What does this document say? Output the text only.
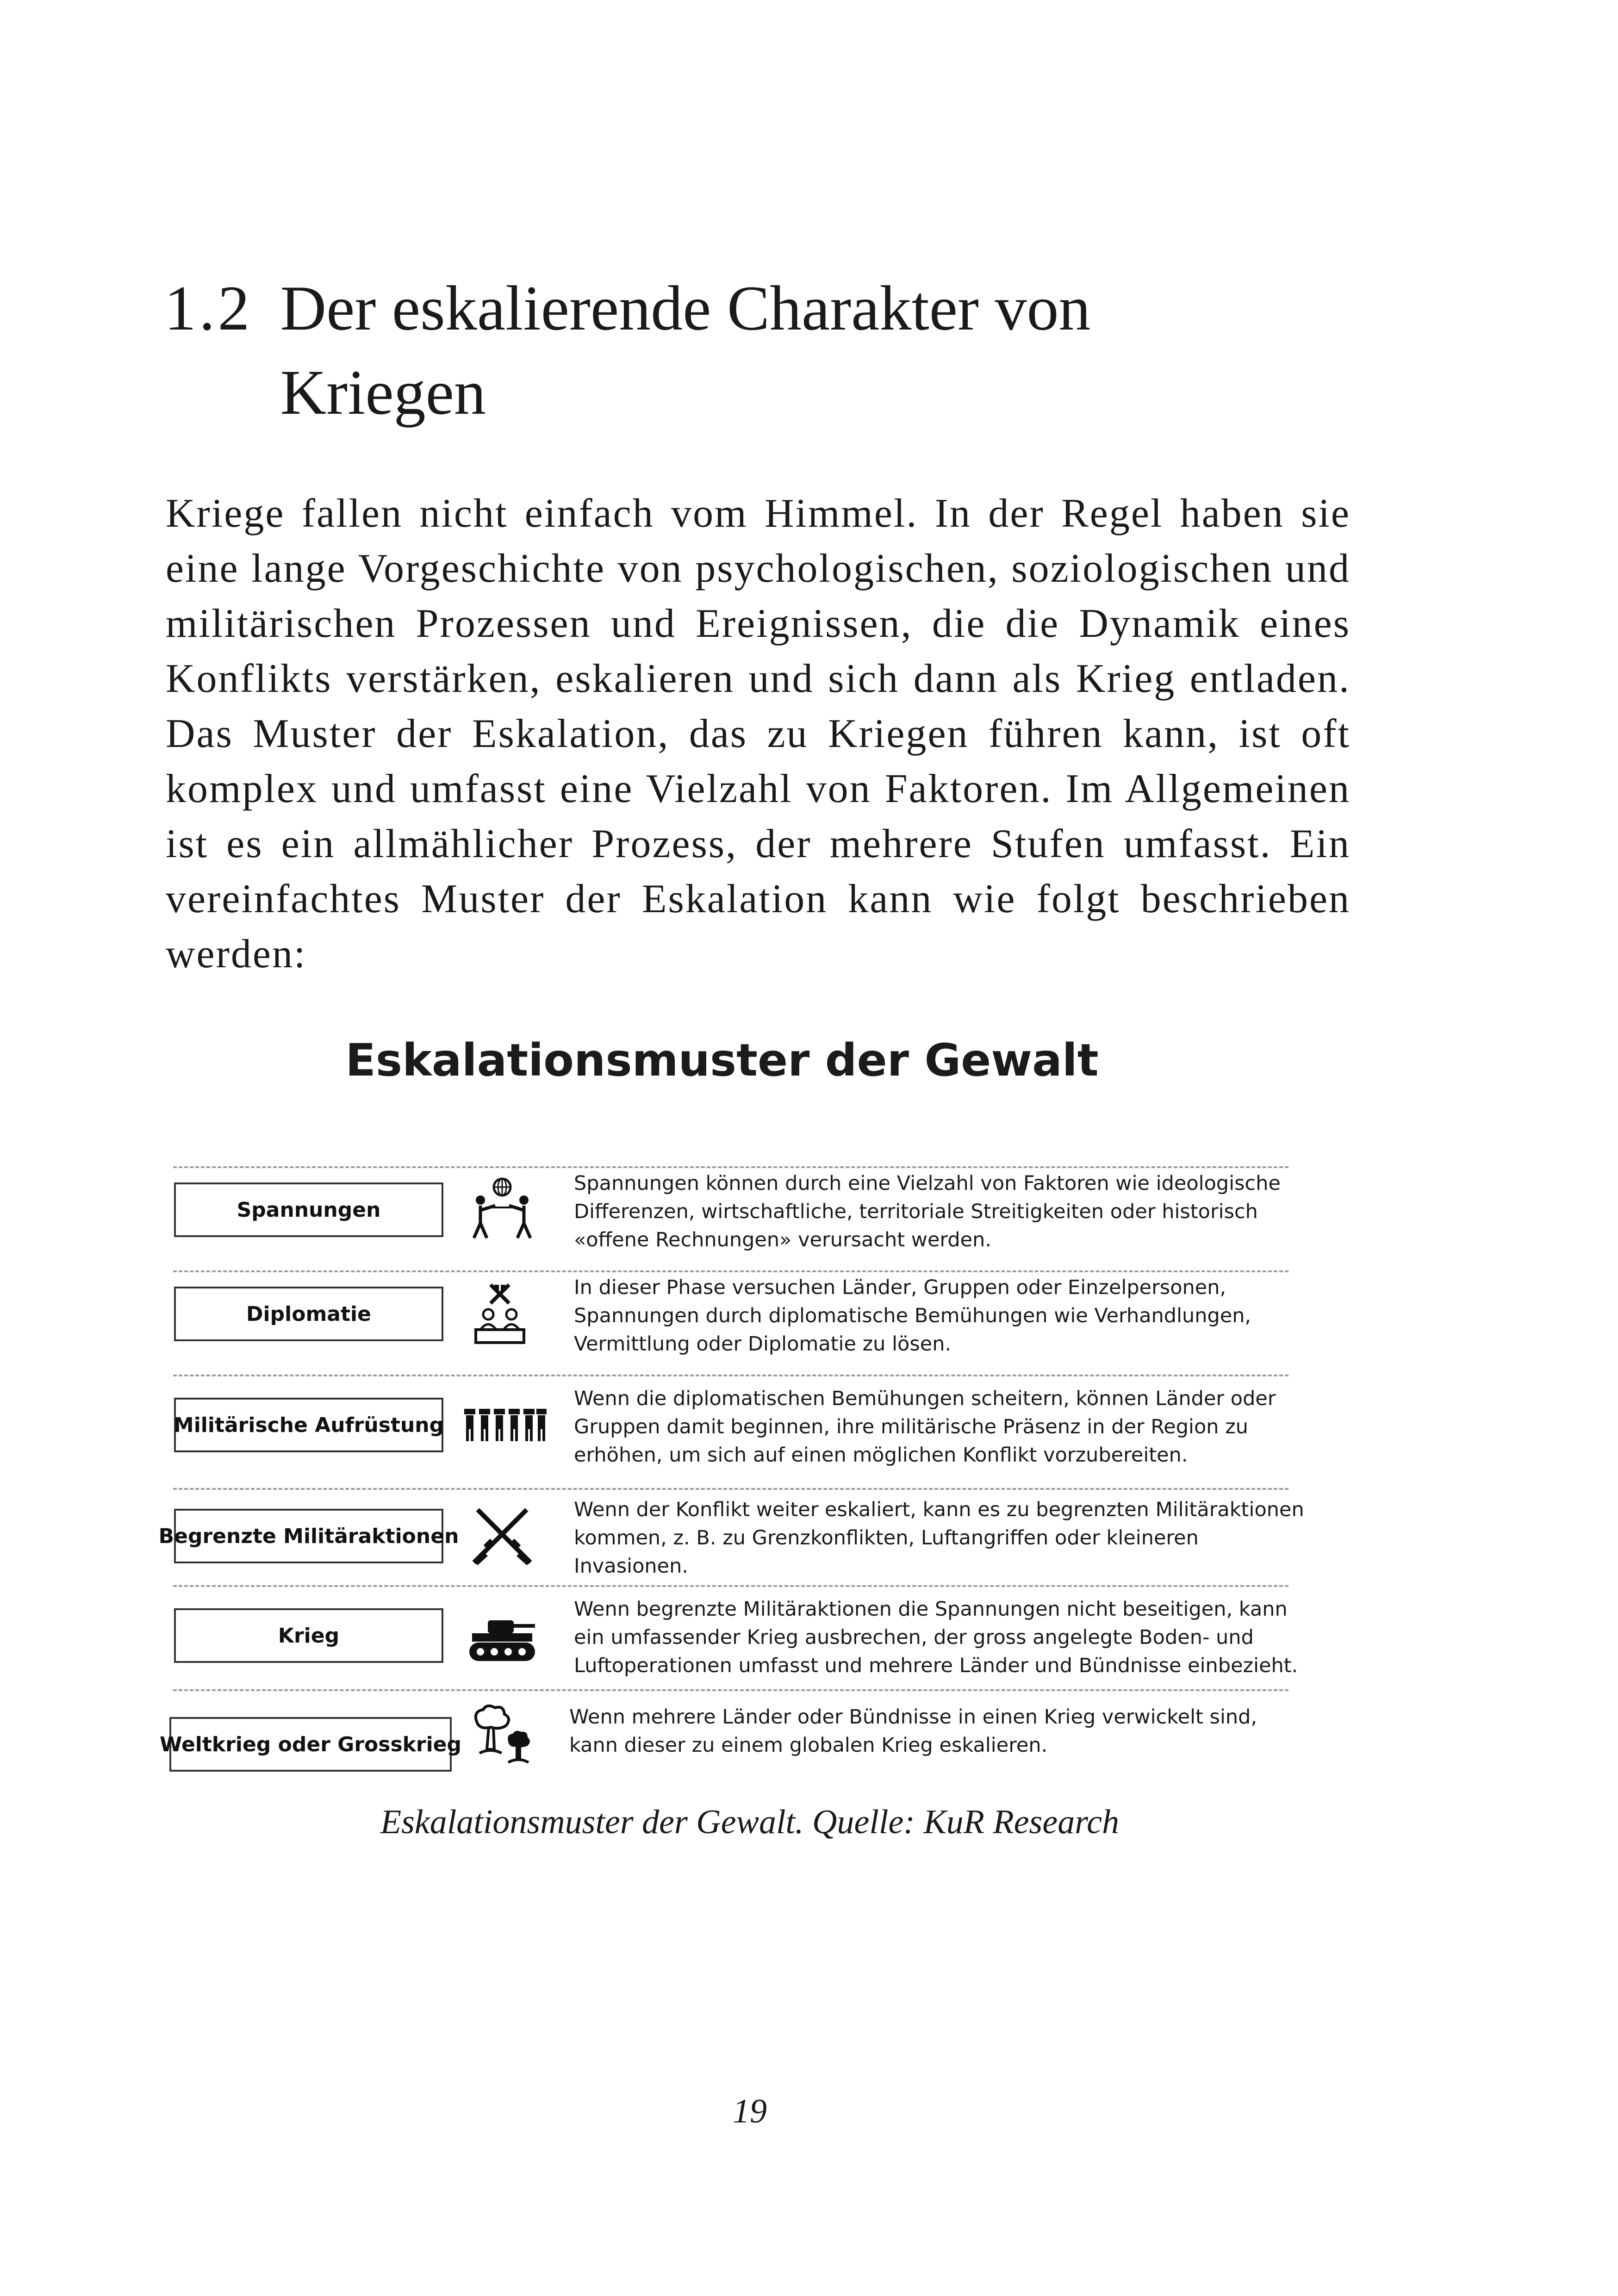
1.2 Der eskalierende Charakter von Kriegen
Kriege fallen nicht einfach vom Himmel. In der Regel haben sie eine lange Vorgeschichte von psychologischen, soziologischen und militärischen Prozessen und Ereignissen, die die Dynamik eines Konflikts verstärken, eskalieren und sich dann als Krieg entladen. Das Muster der Eskalation, das zu Kriegen führen kann, ist oft komplex und umfasst eine Vielzahl von Faktoren. Im Allgemeinen ist es ein allmählicher Prozess, der mehrere Stufen umfasst. Ein vereinfachtes Muster der Eskalation kann wie folgt beschrieben werden:
Eskalationsmuster der Gewalt
Spannungen
Spannungen können durch eine Vielzahl von Faktoren wie ideologische Differenzen, wirtschaftliche, territoriale Streitigkeiten oder historisch «offene Rechnungen» verursacht werden.
Diplomatie
In dieser Phase versuchen Länder, Gruppen oder Einzelpersonen, Spannungen durch diplomatische Bemühungen wie Verhandlungen, Vermittlung oder Diplomatie zu lösen.
Militärische Aufrüstung
Wenn die diplomatischen Bemühungen scheitern, können Länder oder Gruppen damit beginnen, ihre militärische Präsenz in der Region zu erhöhen, um sich auf einen möglichen Konflikt vorzubereiten.
Begrenzte Militäraktionen
Wenn der Konflikt weiter eskaliert, kann es zu begrenzten Militäraktionen kommen, z. B. zu Grenzkonflikten, Luftangriffen oder kleineren Invasionen.
Krieg
Wenn begrenzte Militäraktionen die Spannungen nicht beseitigen, kann ein umfassender Krieg ausbrechen, der gross angelegte Boden- und Luftoperationen umfasst und mehrere Länder und Bündnisse einbezieht.
Weltkrieg oder Grosskrieg
Wenn mehrere Länder oder Bündnisse in einen Krieg verwickelt sind, kann dieser zu einem globalen Krieg eskalieren.
Eskalationsmuster der Gewalt. Quelle: KuR Research
19
